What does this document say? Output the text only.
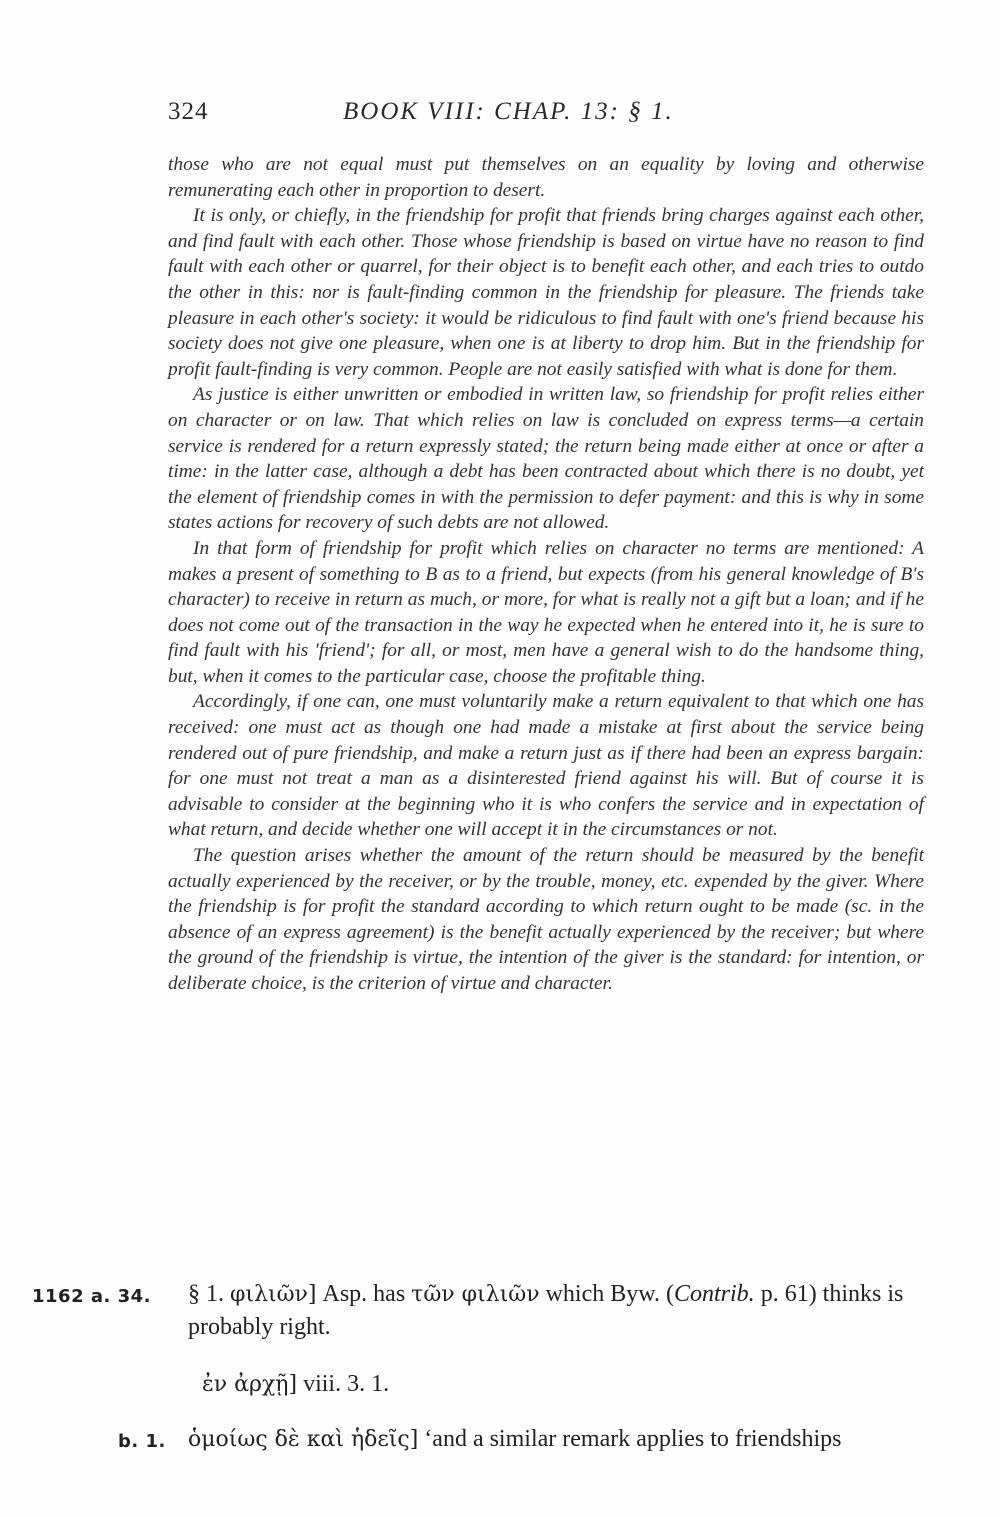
324	BOOK VIII: CHAP. 13: § 1.

those who are not equal must put themselves on an equality by loving and otherwise remunerating each other in proportion to desert.

It is only, or chiefly, in the friendship for profit that friends bring charges against each other, and find fault with each other. Those whose friendship is based on virtue have no reason to find fault with each other or quarrel, for their object is to benefit each other, and each tries to outdo the other in this: nor is fault-finding common in the friendship for pleasure. The friends take pleasure in each other's society: it would be ridiculous to find fault with one's friend because his society does not give one pleasure, when one is at liberty to drop him. But in the friendship for profit fault-finding is very common. People are not easily satisfied with what is done for them.

As justice is either unwritten or embodied in written law, so friendship for profit relies either on character or on law. That which relies on law is concluded on express terms—a certain service is rendered for a return expressly stated; the return being made either at once or after a time: in the latter case, although a debt has been contracted about which there is no doubt, yet the element of friendship comes in with the permission to defer payment: and this is why in some states actions for recovery of such debts are not allowed.

In that form of friendship for profit which relies on character no terms are mentioned: A makes a present of something to B as to a friend, but expects (from his general knowledge of B's character) to receive in return as much, or more, for what is really not a gift but a loan; and if he does not come out of the transaction in the way he expected when he entered into it, he is sure to find fault with his 'friend'; for all, or most, men have a general wish to do the handsome thing, but, when it comes to the particular case, choose the profitable thing.

Accordingly, if one can, one must voluntarily make a return equivalent to that which one has received: one must act as though one had made a mistake at first about the service being rendered out of pure friendship, and make a return just as if there had been an express bargain: for one must not treat a man as a disinterested friend against his will. But of course it is advisable to consider at the beginning who it is who confers the service and in expectation of what return, and decide whether one will accept it in the circumstances or not.

The question arises whether the amount of the return should be measured by the benefit actually experienced by the receiver, or by the trouble, money, etc. expended by the giver. Where the friendship is for profit the standard according to which return ought to be made (sc. in the absence of an express agreement) is the benefit actually experienced by the receiver; but where the ground of the friendship is virtue, the intention of the giver is the standard: for intention, or deliberate choice, is the criterion of virtue and character.

1162 a. 34. § 1. φιλιῶν] Asp. has τῶν φιλιῶν which Byw. (Contrib. p. 61) thinks is probably right.
ἐν ἀρχῇ] viii. 3. 1.
b. 1. ὁμοίως δὲ καὶ ἡδεῖς] ‘and a similar remark applies to friendships
